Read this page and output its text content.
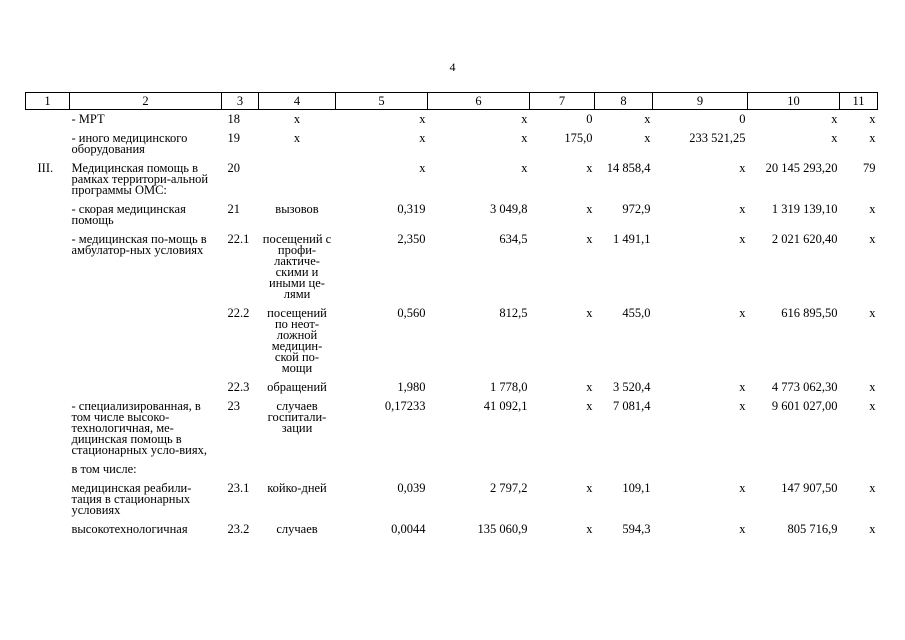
4
1	2	3	4	5	6	7	8	9	10	11
	- МРТ	18	х	х	х	0	х	0	х	х
	- иного медицинского оборудования	19	х	х	х	175,0	х	233 521,25	х	х
III.	Медицинская помощь в рамках территори-альной программы ОМС:	20		х	х	х	14 858,4	х	20 145 293,20	79
	- скорая медицинская помощь	21	вызовов	0,319	3 049,8	х	972,9	х	1 319 139,10	х
	- медицинская по-мощь в амбулатор-ных условиях	22.1	посещений с профи-лактиче-скими и иными це-лями	2,350	634,5	х	1 491,1	х	2 021 620,40	х
		22.2	посещений по неот-ложной медицин-ской по-мощи	0,560	812,5	х	455,0	х	616 895,50	х
		22.3	обращений	1,980	1 778,0	х	3 520,4	х	4 773 062,30	х
	- специализированная, в том числе высоко-технологичная, ме-дицинская помощь в стационарных усло-виях,	23	случаев госпитали-зации	0,17233	41 092,1	х	7 081,4	х	9 601 027,00	х
	в том числе:									
	медицинская реабили-тация в стационарных условиях	23.1	койко-дней	0,039	2 797,2	х	109,1	х	147 907,50	х
	высокотехнологичная	23.2	случаев	0,0044	135 060,9	х	594,3	х	805 716,9	х
